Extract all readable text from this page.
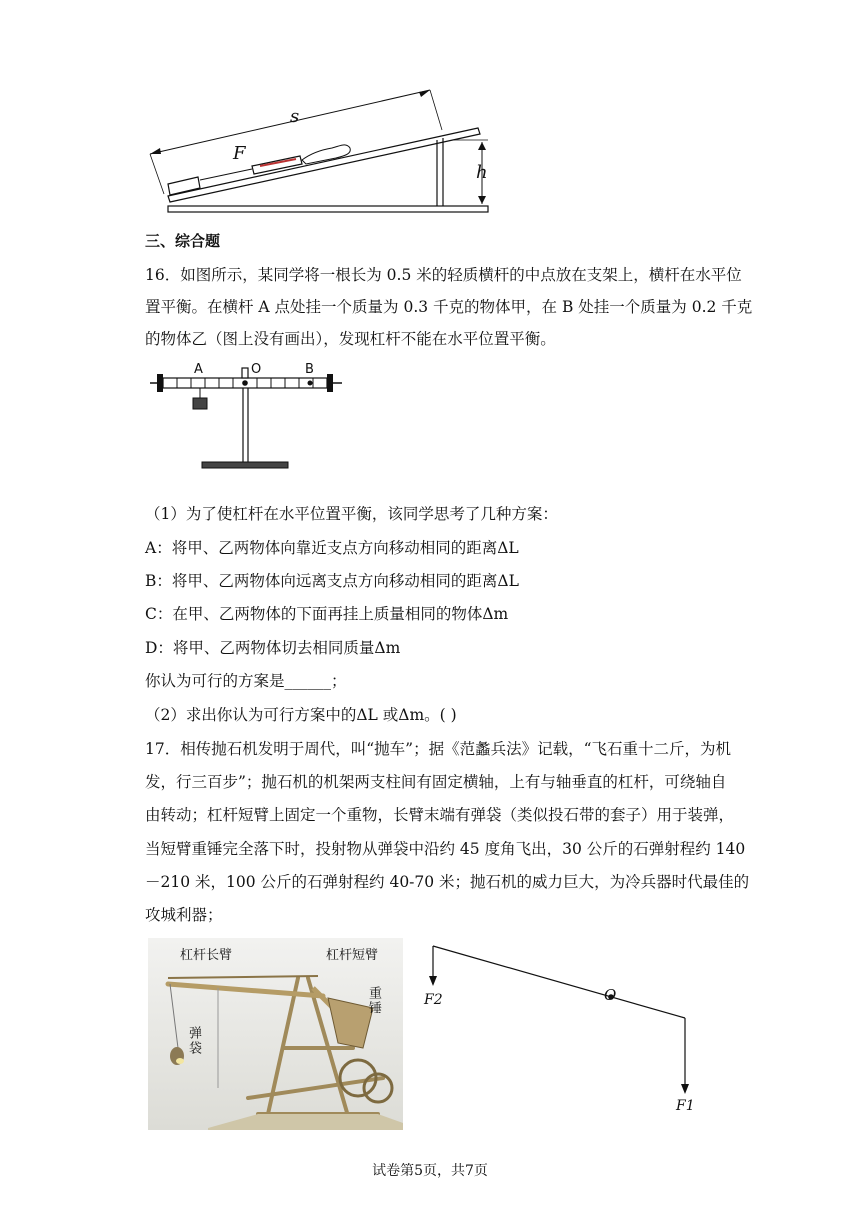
s
F
h
三、综合题
16．如图所示，某同学将一根长为 0.5 米的轻质横杆的中点放在支架上，横杆在水平位
置平衡。在横杆 A 点处挂一个质量为 0.3 千克的物体甲，在 B 处挂一个质量为 0.2 千克
的物体乙（图上没有画出），发现杠杆不能在水平位置平衡。
A	O	B
（1）为了使杠杆在水平位置平衡，该同学思考了几种方案：
A：将甲、乙两物体向靠近支点方向移动相同的距离ΔL
B：将甲、乙两物体向远离支点方向移动相同的距离ΔL
C：在甲、乙两物体的下面再挂上质量相同的物体Δm
D：将甲、乙两物体切去相同质量Δm
你认为可行的方案是______；
（2）求出你认为可行方案中的ΔL 或Δm。( )
17．相传抛石机发明于周代，叫“抛车”；据《范蠡兵法》记载，“飞石重十二斤，为机
发，行三百步”；抛石机的机架两支柱间有固定横轴，上有与轴垂直的杠杆，可绕轴自
由转动；杠杆短臂上固定一个重物，长臂末端有弹袋（类似投石带的套子）用于装弹，
当短臂重锤完全落下时，投射物从弹袋中沿约 45 度角飞出，30 公斤的石弹射程约 140
－210 米，100 公斤的石弹射程约 40-70 米；抛石机的威力巨大，为冷兵器时代最佳的
攻城利器；
杠杆长臂	杠杆短臂
重锤
弹袋
F2	O
F1
试卷第5页，共7页
